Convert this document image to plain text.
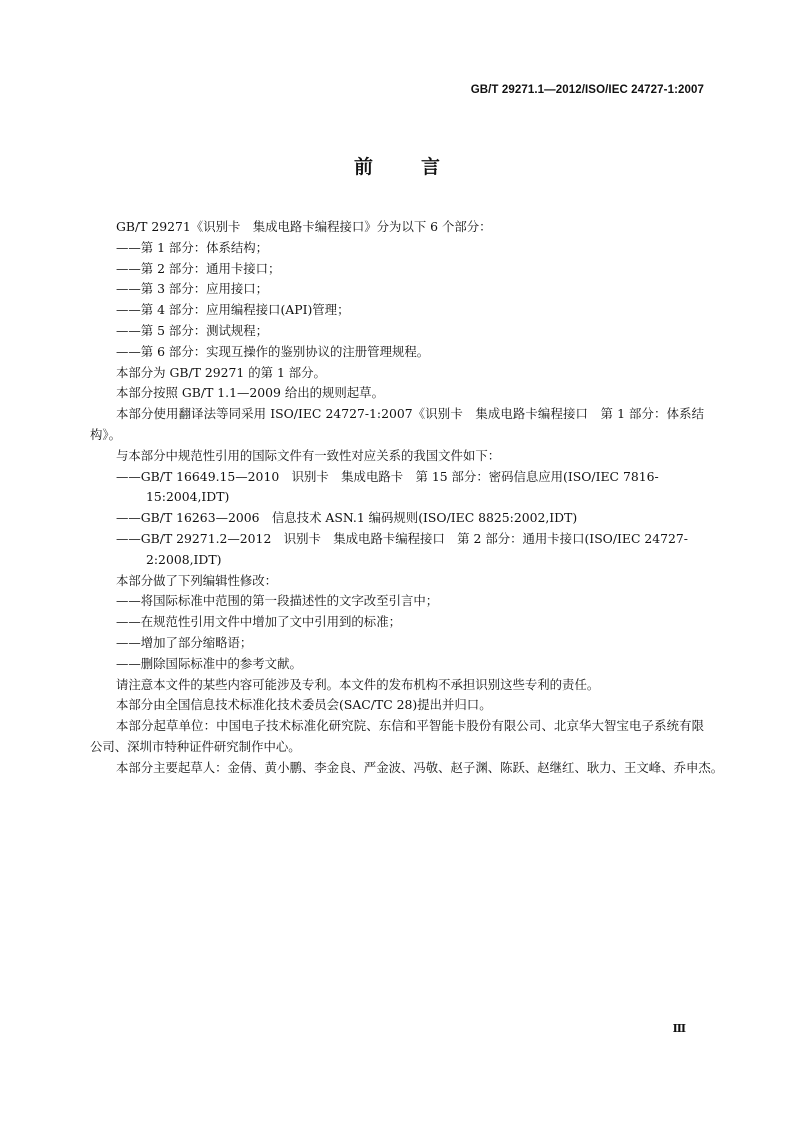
GB/T 29271.1—2012/ISO/IEC 24727-1:2007
前言

GB/T 29271《识别卡　集成电路卡编程接口》分为以下 6 个部分：

——第 1 部分：体系结构；

——第 2 部分：通用卡接口；

——第 3 部分：应用接口；

——第 4 部分：应用编程接口(API)管理；

——第 5 部分：测试规程；

——第 6 部分：实现互操作的鉴别协议的注册管理规程。

本部分为 GB/T 29271 的第 1 部分。

本部分按照 GB/T 1.1—2009 给出的规则起草。

本部分使用翻译法等同采用 ISO/IEC 24727-1:2007《识别卡　集成电路卡编程接口　第 1 部分：体系结构》。

与本部分中规范性引用的国际文件有一致性对应关系的我国文件如下：

——GB/T 16649.15—2010　识别卡　集成电路卡　第 15 部分：密码信息应用(ISO/IEC 7816-15:2004,IDT)

——GB/T 16263—2006　信息技术 ASN.1 编码规则(ISO/IEC 8825:2002,IDT)

——GB/T 29271.2—2012　识别卡　集成电路卡编程接口　第 2 部分：通用卡接口(ISO/IEC 24727-2:2008,IDT)

本部分做了下列编辑性修改：

——将国际标准中范围的第一段描述性的文字改至引言中；

——在规范性引用文件中增加了文中引用到的标准；

——增加了部分缩略语；

——删除国际标准中的参考文献。

请注意本文件的某些内容可能涉及专利。本文件的发布机构不承担识别这些专利的责任。

本部分由全国信息技术标准化技术委员会(SAC/TC 28)提出并归口。

本部分起草单位：中国电子技术标准化研究院、东信和平智能卡股份有限公司、北京华大智宝电子系统有限公司、深圳市特种证件研究制作中心。

本部分主要起草人：金倩、黄小鹏、李金良、严金波、冯敬、赵子渊、陈跃、赵继红、耿力、王文峰、乔申杰。

Ⅲ
